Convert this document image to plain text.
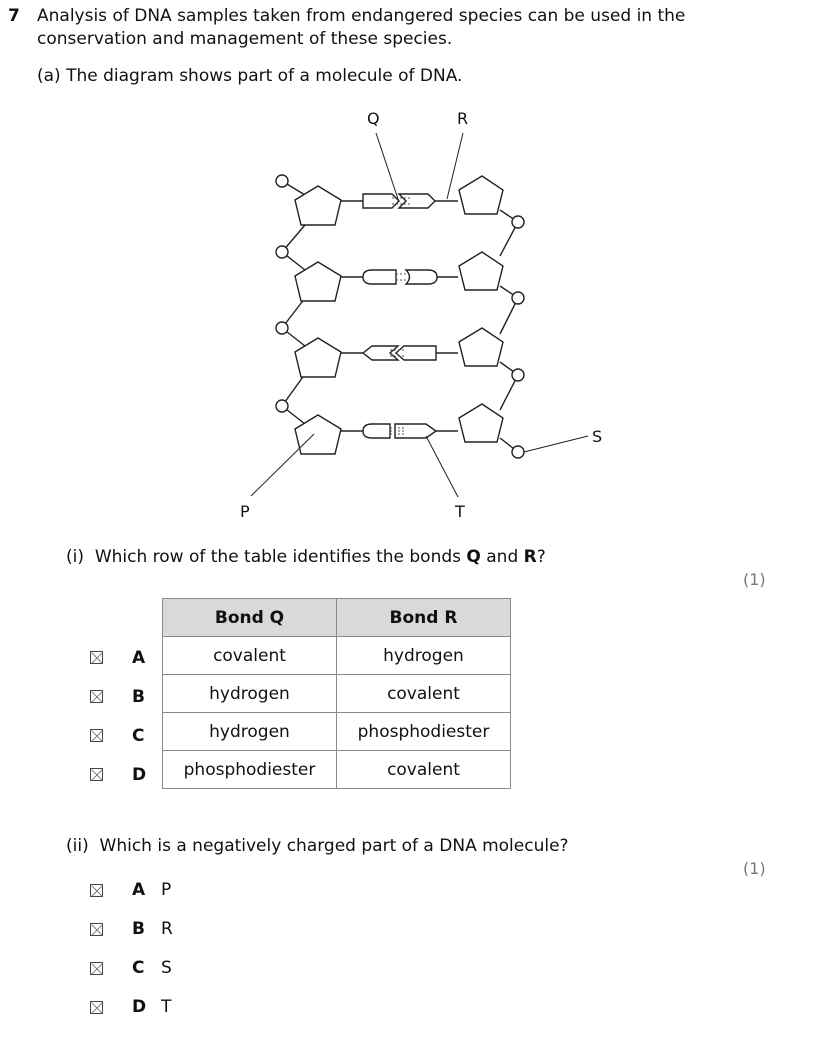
7 Analysis of DNA samples taken from endangered species can be used in the
conservation and management of these species.
(a) The diagram shows part of a molecule of DNA.
Q	R
S
P	T
(i) Which row of the table identifies the bonds Q and R?
(1)
Bond Q	Bond R
covalent	hydrogen
hydrogen	covalent
hydrogen	phosphodiester
phosphodiester	covalent
A
B
C
D
(ii) Which is a negatively charged part of a DNA molecule?
(1)
A P
B R
C S
D T
